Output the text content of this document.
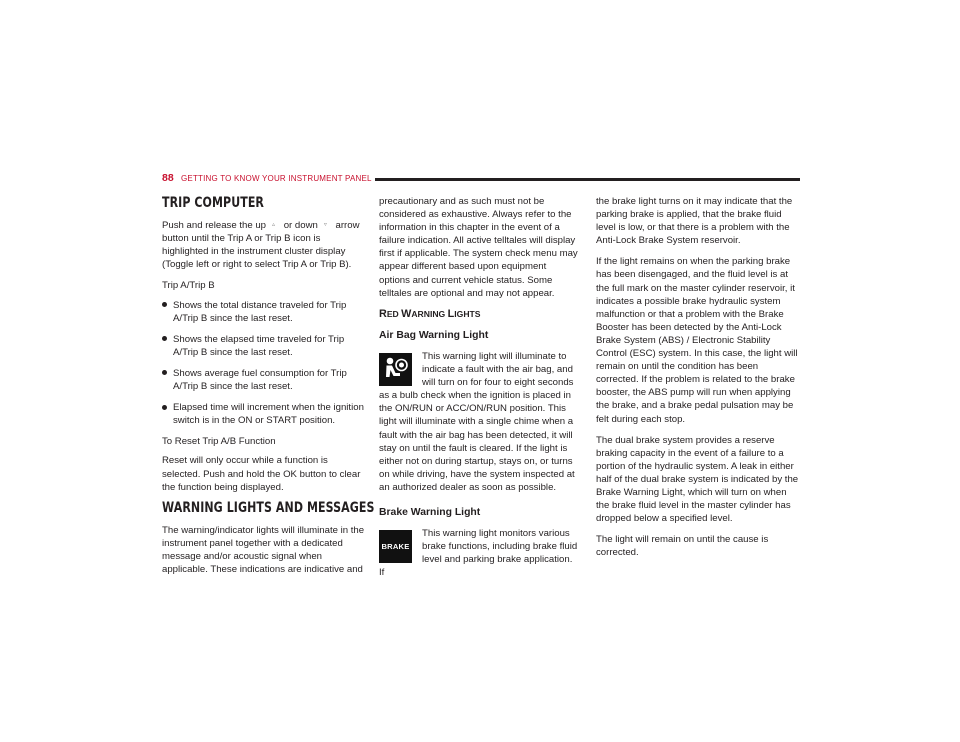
88 GETTING TO KNOW YOUR INSTRUMENT PANEL
TRIP COMPUTER

Push and release the up ▵ or down ▿ arrow button until the Trip A or Trip B icon is highlighted in the instrument cluster display (Toggle left or right to select Trip A or Trip B).

Trip A/Trip B

Shows the total distance traveled for Trip A/Trip B since the last reset.
Shows the elapsed time traveled for Trip A/Trip B since the last reset.
Shows average fuel consumption for Trip A/Trip B since the last reset.
Elapsed time will increment when the ignition switch is in the ON or START position.

To Reset Trip A/B Function

Reset will only occur while a function is selected. Push and hold the OK button to clear the function being displayed.

WARNING LIGHTS AND MESSAGES

The warning/indicator lights will illuminate in the instrument panel together with a dedicated message and/or acoustic signal when applicable. These indications are indicative and

precautionary and as such must not be considered as exhaustive. Always refer to the information in this chapter in the event of a failure indication. All active telltales will display first if applicable. The system check menu may appear different based upon equipment options and current vehicle status. Some telltales are optional and may not appear.

RED WARNING LIGHTS
Air Bag Warning Light

This warning light will illuminate to indicate a fault with the air bag, and will turn on for four to eight seconds as a bulb check when the ignition is placed in the ON/RUN or ACC/ON/RUN position. This light will illuminate with a single chime when a fault with the air bag has been detected, it will stay on until the fault is cleared. If the light is either not on during startup, stays on, or turns on while driving, have the system inspected at an authorized dealer as soon as possible.

Brake Warning Light
BRAKE

This warning light monitors various brake functions, including brake fluid level and parking brake application. If

the brake light turns on it may indicate that the parking brake is applied, that the brake fluid level is low, or that there is a problem with the Anti-Lock Brake System reservoir.

If the light remains on when the parking brake has been disengaged, and the fluid level is at the full mark on the master cylinder reservoir, it indicates a possible brake hydraulic system malfunction or that a problem with the Brake Booster has been detected by the Anti-Lock Brake System (ABS) / Electronic Stability Control (ESC) system. In this case, the light will remain on until the condition has been corrected. If the problem is related to the brake booster, the ABS pump will run when applying the brake, and a brake pedal pulsation may be felt during each stop.

The dual brake system provides a reserve braking capacity in the event of a failure to a portion of the hydraulic system. A leak in either half of the dual brake system is indicated by the Brake Warning Light, which will turn on when the brake fluid level in the master cylinder has dropped below a specified level.

The light will remain on until the cause is corrected.
